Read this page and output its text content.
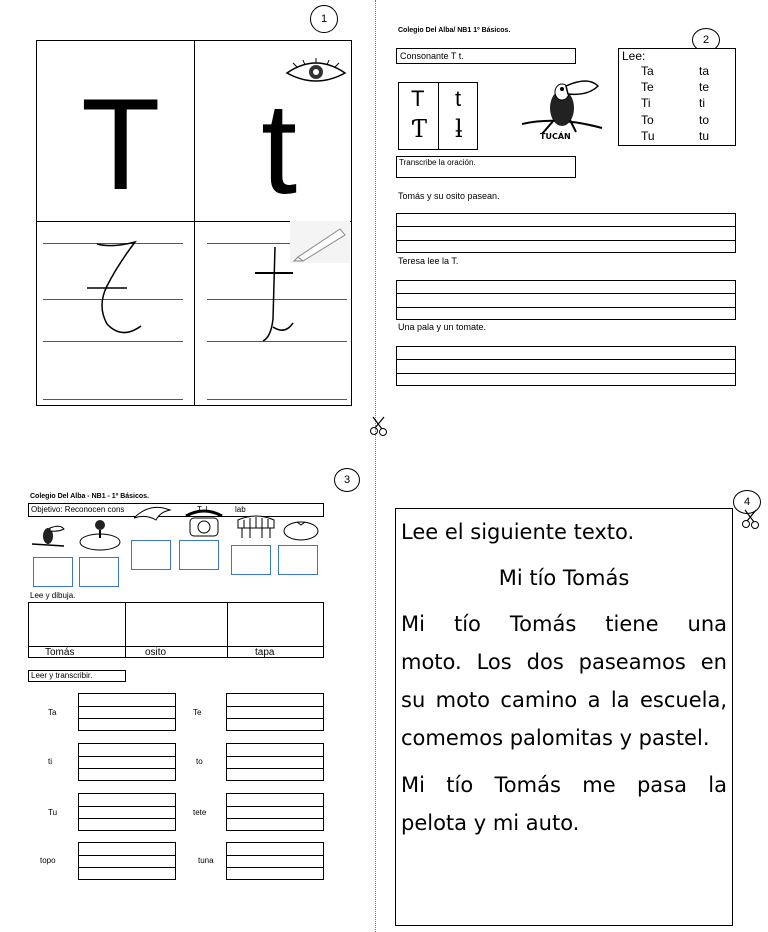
1
T t
Colegio Del Alba/ NB1 1º Básicos.
2
Consonante T t.
T t
Ƭ ƚ	TUCÁN
Lee:
Ta	ta
Te	te
Ti	ti
To	to
Tu	tu
Transcribe la oración.
Tomás y su osito pasean.
Teresa lee la T.
Una pala y un tomate.
3
Colegio Del Alba - NB1 - 1º Básicos.
Objetivo: Reconocen cons	T. l	lab
Lee y dibuja.
Tomás	osito	tapa
Leer y transcribir.
Ta	Te
ti	to
Tu	tete
topo	tuna
4
Lee el siguiente texto.
Mi tío Tomás
Mi tío Tomás tiene una
moto. Los dos paseamos en
su moto camino a la escuela,
comemos palomitas y pastel.
Mi tío Tomás me pasa la
pelota y mi auto.
